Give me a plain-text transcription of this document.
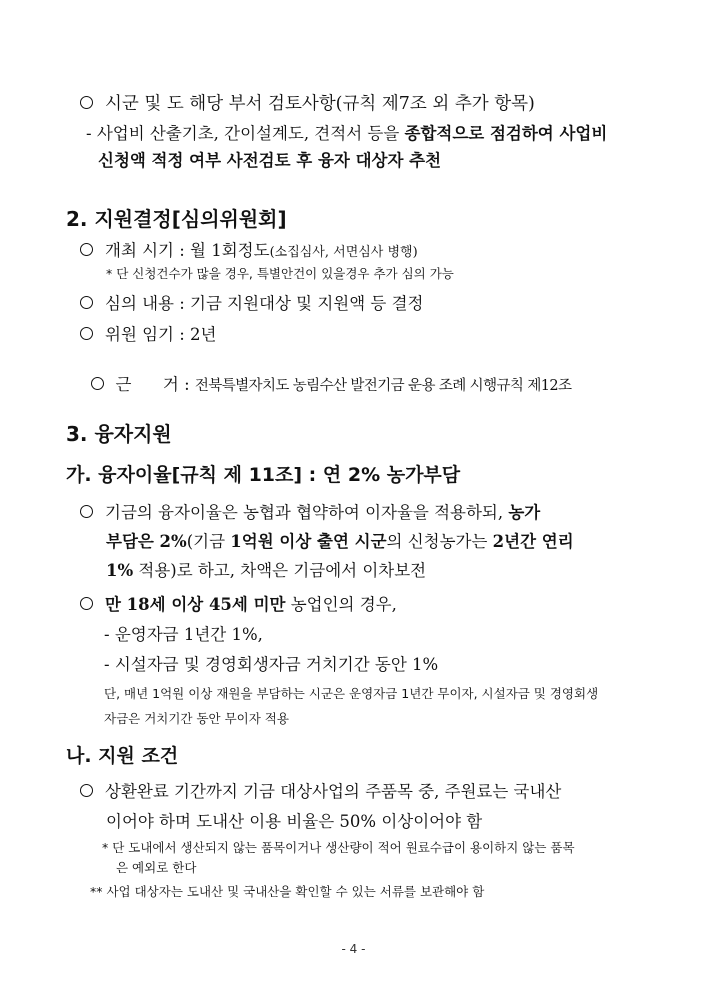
시군 및 도 해당 부서 검토사항(규칙 제7조 외 추가 항목)
- 사업비 산출기초, 간이설계도, 견적서 등을 종합적으로 점검하여 사업비
신청액 적정 여부 사전검토 후 융자 대상자 추천
2. 지원결정[심의위원회]
개최 시기 : 월 1회정도(소집심사, 서면심사 병행)
* 단 신청건수가 많을 경우, 특별안건이 있을경우 추가 심의 가능
심의 내용 : 기금 지원대상 및 지원액 등 결정
위원 임기 : 2년

근      거 : 전북특별자치도 농림수산 발전기금 운용 조례 시행규칙 제12조

3. 융자지원
가. 융자이율[규칙 제 11조] : 연 2% 농가부담
기금의 융자이율은 농협과 협약하여 이자율을 적용하되, 농가
부담은 2%(기금 1억원 이상 출연 시군의 신청농가는 2년간 연리
1% 적용)로 하고, 차액은 기금에서 이차보전
만 18세 이상 45세 미만 농업인의 경우,
- 운영자금 1년간 1%,
- 시설자금 및 경영회생자금 거치기간 동안 1%
단, 매년 1억원 이상 재원을 부담하는 시군은 운영자금 1년간 무이자, 시설자금 및 경영회생
자금은 거치기간 동안 무이자 적용
나. 지원 조건
상환완료 기간까지 기금 대상사업의 주품목 중, 주원료는 국내산
이어야 하며 도내산 이용 비율은 50% 이상이어야 함
* 단 도내에서 생산되지 않는 품목이거나 생산량이 적어 원료수급이 용이하지 않는 품목
은 예외로 한다
** 사업 대상자는 도내산 및 국내산을 확인할 수 있는 서류를 보관해야 함
- 4 -
